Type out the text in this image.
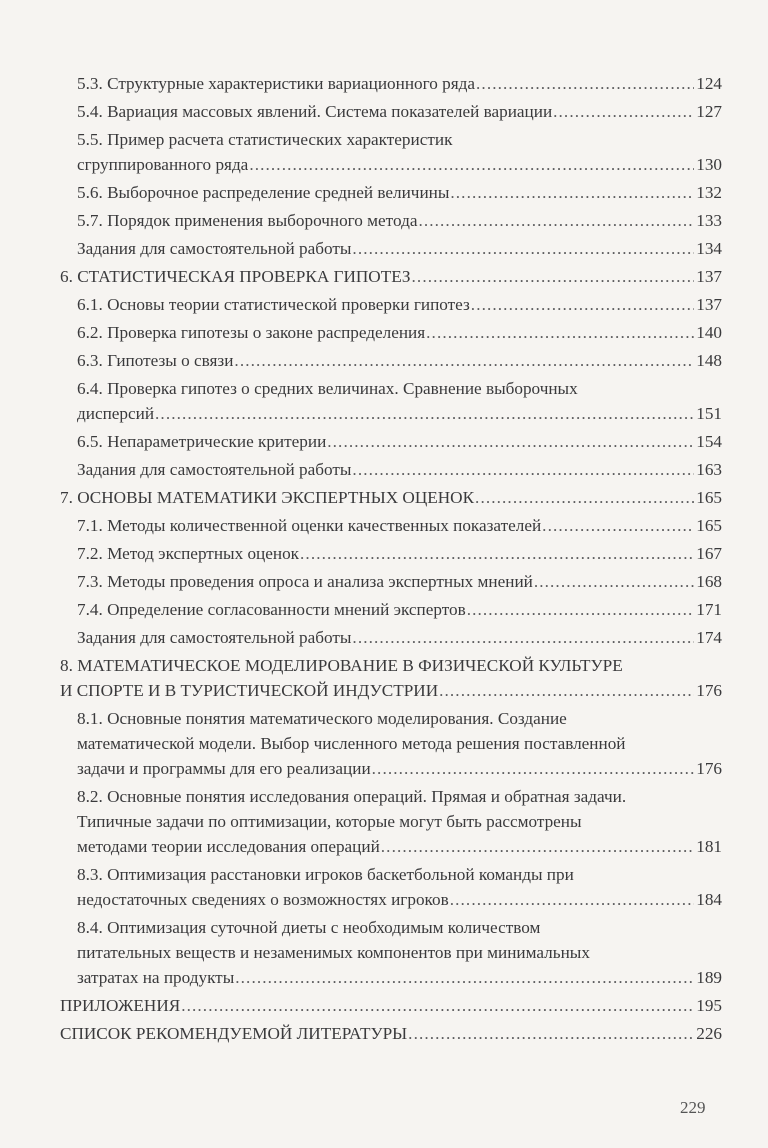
5.3. Структурные характеристики вариационного ряда .....	124
5.4. Вариация массовых явлений. Система показателей вариации .....	127
5.5. Пример расчета статистических характеристик
сгруппированного ряда .....	130
5.6. Выборочное распределение средней величины .....	132
5.7. Порядок применения выборочного метода .....	133
Задания для самостоятельной работы .....	134
6. СТАТИСТИЧЕСКАЯ ПРОВЕРКА ГИПОТЕЗ .....	137
6.1. Основы теории статистической проверки гипотез .....	137
6.2. Проверка гипотезы о законе распределения .....	140
6.3. Гипотезы о связи .....	148
6.4. Проверка гипотез о средних величинах. Сравнение выборочных
дисперсий .....	151
6.5. Непараметрические критерии .....	154
Задания для самостоятельной работы .....	163
7. ОСНОВЫ МАТЕМАТИКИ ЭКСПЕРТНЫХ ОЦЕНОК .....	165
7.1. Методы количественной оценки качественных показателей .....	165
7.2. Метод экспертных оценок .....	167
7.3. Методы проведения опроса и анализа экспертных мнений .....	168
7.4. Определение согласованности мнений экспертов .....	171
Задания для самостоятельной работы .....	174
8. МАТЕМАТИЧЕСКОЕ МОДЕЛИРОВАНИЕ В ФИЗИЧЕСКОЙ КУЛЬТУРЕ
И СПОРТЕ И В ТУРИСТИЧЕСКОЙ ИНДУСТРИИ .....	176
8.1. Основные понятия математического моделирования. Создание
математической модели. Выбор численного метода решения поставленной
задачи и программы для его реализации .....	176
8.2. Основные понятия исследования операций. Прямая и обратная задачи.
Типичные задачи по оптимизации, которые могут быть рассмотрены
методами теории исследования операций .....	181
8.3. Оптимизация расстановки игроков баскетбольной команды при
недостаточных сведениях о возможностях игроков .....	184
8.4. Оптимизация суточной диеты с необходимым количеством
питательных веществ и незаменимых компонентов при минимальных
затратах на продукты .....	189
ПРИЛОЖЕНИЯ .....	195
СПИСОК РЕКОМЕНДУЕМОЙ ЛИТЕРАТУРЫ .....	226
229
